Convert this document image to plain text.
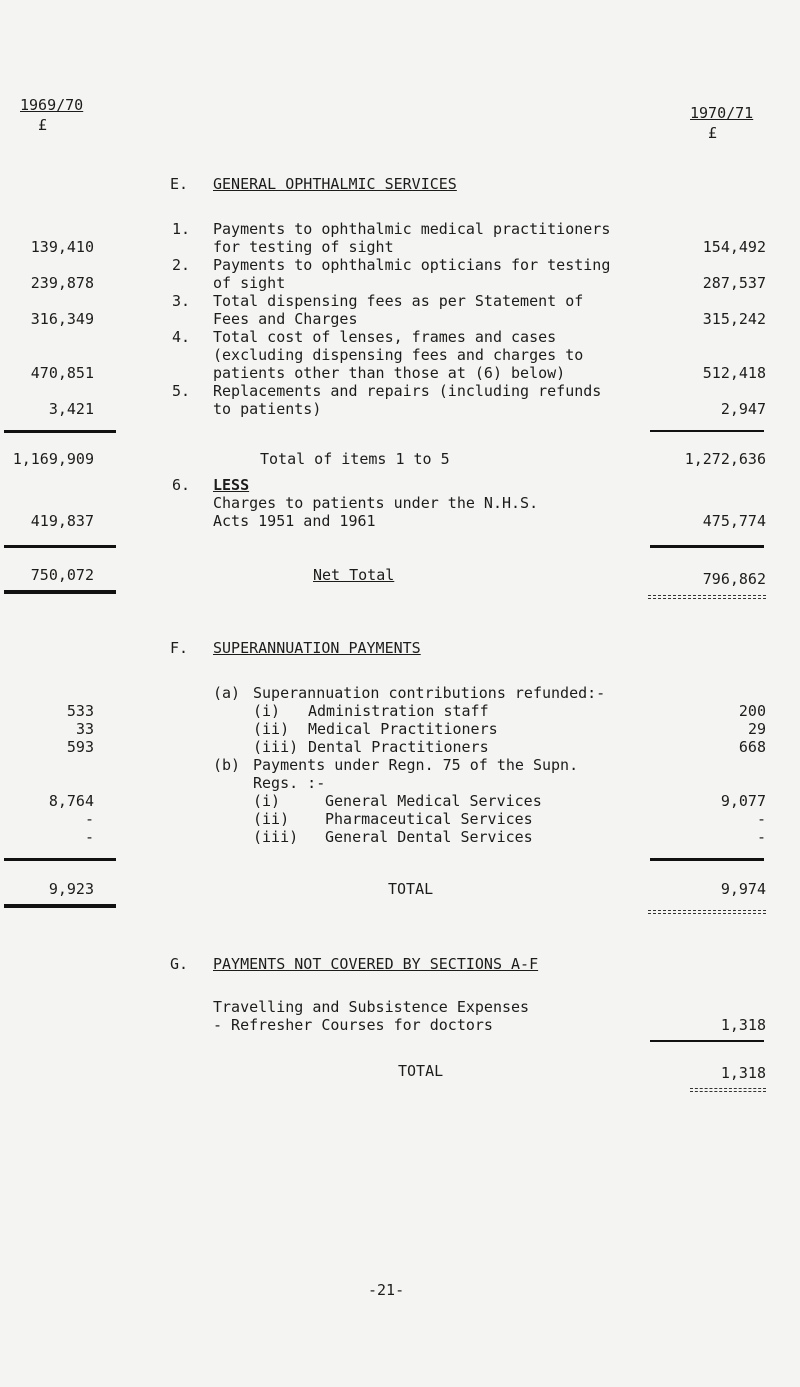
1969/70
£
1970/71
£
E. GENERAL OPHTHALMIC SERVICES
1. Payments to ophthalmic medical practitioners
for testing of sight
139,410	154,492
2. Payments to ophthalmic opticians for testing
of sight
239,878	287,537
3. Total dispensing fees as per Statement of
Fees and Charges
316,349	315,242
4. Total cost of lenses, frames and cases
(excluding dispensing fees and charges to
patients other than those at (6) below)
470,851	512,418
5. Replacements and repairs (including refunds
to patients)
3,421	2,947
Total of items 1 to 5
1,169,909	1,272,636
6. LESS
Charges to patients under the N.H.S.
Acts 1951 and 1961
419,837	475,774
Net Total
750,072	796,862
F. SUPERANNUATION PAYMENTS
(a) Superannuation contributions refunded:-
(i) Administration staff
533	200
(ii) Medical Practitioners
33	29
(iii) Dental Practitioners
593	668
(b) Payments under Regn. 75 of the Supn.
Regs. :-
(i)	General Medical Services
8,764	9,077
(ii) Pharmaceutical Services
-	-
(iii) General Dental Services
-	-
TOTAL
9,923	9,974
G. PAYMENTS NOT COVERED BY SECTIONS A-F
Travelling and Subsistence Expenses
- Refresher Courses for doctors	1,318
TOTAL	1,318
-21-
